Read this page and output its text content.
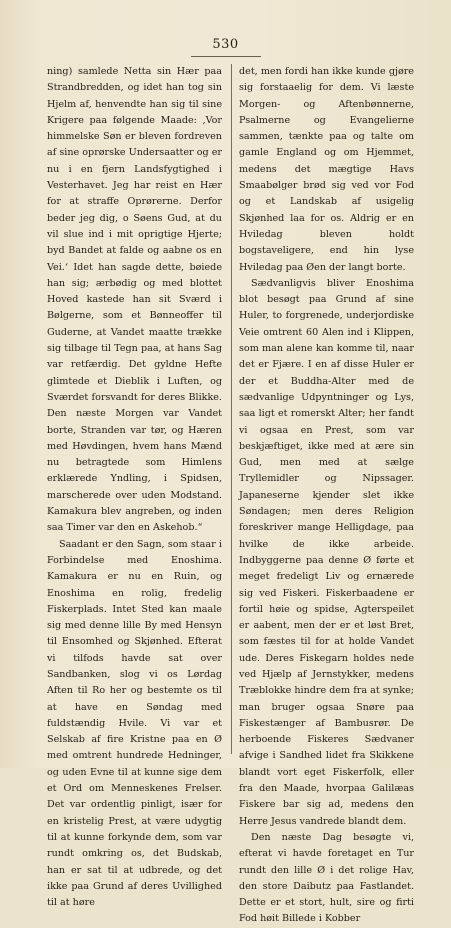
530

ning) samlede Netta sin Hær paa Strandbredden, og idet han tog sin Hjelm af, henvendte han sig til sine Krigere paa følgende Maade: ‚Vor himmelske Søn er bleven fordreven af sine oprørske Undersaatter og er nu i en fjern Landsfygtighed i Vesterhavet. Jeg har reist en Hær for at straffe Oprørerne. Derfor beder jeg dig, o Søens Gud, at du vil slue ind i mit oprigtige Hjerte; byd Bandet at falde og aabne os en Vei.‘ Idet han sagde dette, bøiede han sig; ærbødig og med blottet Hoved kastede han sit Sværd i Bølgerne, som et Bønneoffer til Guderne, at Vandet maatte trække sig tilbage til Tegn paa, at hans Sag var retfærdig. Det gyldne Hefte glimtede et Dieblik i Luften, og Sværdet forsvandt for deres Blikke. Den næste Morgen var Vandet borte, Stranden var tør, og Hæren med Høvdingen, hvem hans Mænd nu betragtede som Himlens erklærede Yndling, i Spidsen, marscherede over uden Modstand. Kamakura blev angreben, og inden saa Timer var den en Askehob.“

Saadant er den Sagn, som staar i Forbindelse med Enoshima. Kamakura er nu en Ruin, og Enoshima en rolig, fredelig Fiskerplads. Intet Sted kan maale sig med denne lille By med Hensyn til Ensomhed og Skjønhed. Efterat vi tilfods havde sat over Sandbanken, slog vi os Lørdag Aften til Ro her og bestemte os til at have en Søndag med fuldstændig Hvile. Vi var et Selskab af fire Kristne paa en Ø med omtrent hundrede Hedninger, og uden Evne til at kunne sige dem et Ord om Menneskenes Frelser. Det var ordentlig pinligt, især for en kristelig Prest, at være udygtig til at kunne forkynde dem, som var rundt omkring os, det Budskab, han er sat til at udbrede, og det ikke paa Grund af deres Uvillighed til at høre

det, men fordi han ikke kunde gjøre sig forstaaelig for dem. Vi læste Morgen- og Aftenbønnerne, Psalmerne og Evangelierne sammen, tænkte paa og talte om gamle England og om Hjemmet, medens det mægtige Havs Smaabølger brød sig ved vor Fod og et Landskab af usigelig Skjønhed laa for os. Aldrig er en Hviledag bleven holdt bogstaveligere, end hin lyse Hviledag paa Øen der langt borte.

Sædvanligvis bliver Enoshima blot besøgt paa Grund af sine Huler, to forgrenede, underjordiske Veie omtrent 60 Alen ind i Klippen, som man alene kan komme til, naar det er Fjære. I en af disse Huler er der et Buddha-Alter med de sædvanlige Udpyntninger og Lys, saa ligt et romerskt Alter; her fandt vi ogsaa en Prest, som var beskjæftiget, ikke med at ære sin Gud, men med at sælge Tryllemidler og Nipssager. Japaneserne kjender slet ikke Søndagen; men deres Religion foreskriver mange Helligdage, paa hvilke de ikke arbeide. Indbyggerne paa denne Ø førte et meget fredeligt Liv og ernærede sig ved Fiskeri. Fiskerbaadene er fortil høie og spidse, Agterspeilet er aabent, men der er et løst Bret, som fæstes til for at holde Vandet ude. Deres Fiskegarn holdes nede ved Hjælp af Jernstykker, medens Træblokke hindre dem fra at synke; man bruger ogsaa Snøre paa Fiskestænger af Bambusrør. De herboende Fiskeres Sædvaner afvige i Sandhed lidet fra Skikkene blandt vort eget Fiskerfolk, eller fra den Maade, hvorpaa Galilæas Fiskere bar sig ad, medens den Herre Jesus vandrede blandt dem.

Den næste Dag besøgte vi, efterat vi havde foretaget en Tur rundt den lille Ø i det rolige Hav, den store Daibutz paa Fastlandet. Dette er et stort, hult, sire og firti Fod høit Billede i Kobber
